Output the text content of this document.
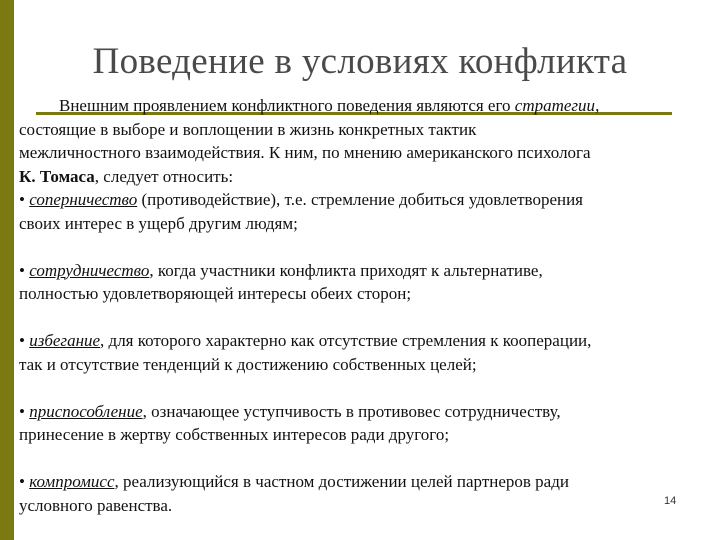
Поведение в условиях конфликта
Внешним проявлением конфликтного поведения являются его стратегии,
состоящие в выборе и воплощении в жизнь конкретных тактик
межличностного взаимодействия. К ним, по мнению американского психолога
К. Томаса, следует относить:
• соперничество (противодействие), т.е. стремление добиться удовлетворения
своих интерес в ущерб другим людям;
• сотрудничество, когда участники конфликта приходят к альтернативе,
полностью удовлетворяющей интересы обеих сторон;
• избегание, для которого характерно как отсутствие стремления к кооперации,
так и отсутствие тенденций к достижению собственных целей;
• приспособление, означающее уступчивость в противовес сотрудничеству,
принесение в жертву собственных интересов ради другого;
• компромисс, реализующийся в частном достижении целей партнеров ради
условного равенства.	14
